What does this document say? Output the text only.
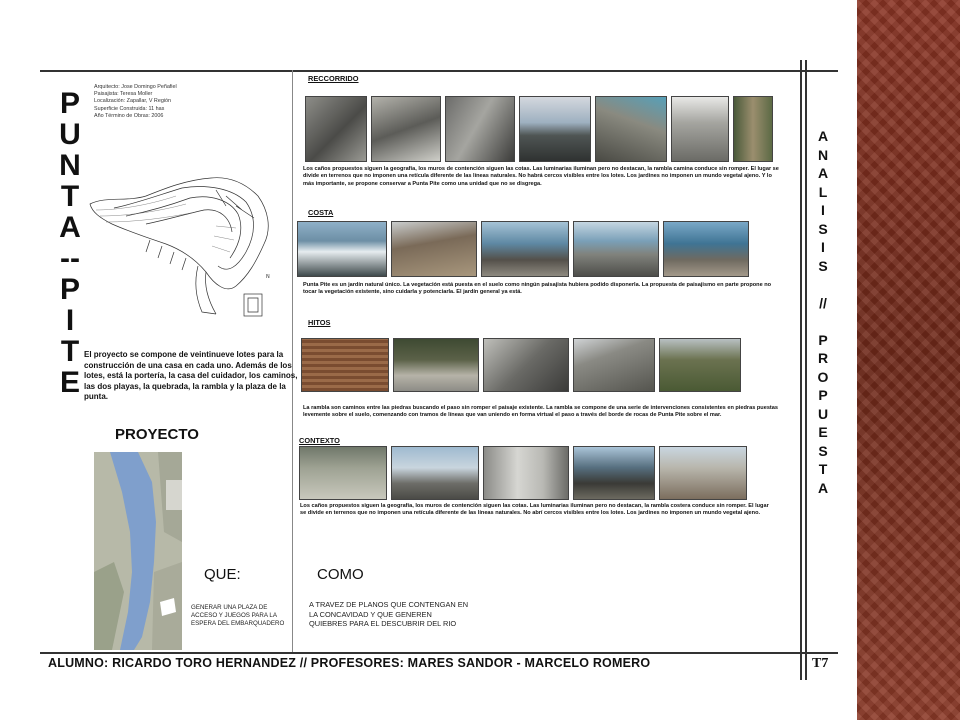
P
U
N
T
A
--
P
I
T
E
Arquitecto: Jose Domingo Peñafiel
Paisajista: Teresa Moller
Localización: Zapallar, V Región
Superficie Construida: 11 has
Año Término de Obras: 2006
N
El proyecto se compone de veintinueve lotes para la construcción de una casa en cada uno. Además de los lotes, está la portería, la casa del cuidador, los caminos, las dos playas, la quebrada, la rambla y la plaza de la punta.
PROYECTO
QUE:	COMO
GENERAR UNA PLAZA DE ACCESO Y JUEGOS PARA LA ESPERA DEL EMBARQUADERO
A TRAVEZ DE PLANOS QUE CONTENGAN EN LA CONCAVIDAD Y QUE GENEREN QUIEBRES PARA EL DESCUBRIR DEL RIO
RECCORRIDO
Los caños propuestos siguen la geografía, los muros de contención siguen las cotas. Las luminarias iluminan pero no destacan, la rambla camina conduce sin romper. El lugar se divide en terrenos que no imponen una retícula diferente de las líneas naturales. No habrá cercos visibles entre los lotes. Los jardines no imponen un mundo vegetal ajeno. Y lo más importante, se propone conservar a Punta Pite como una unidad que no se disgrega.
COSTA
Punta Pite es un jardín natural único. La vegetación está puesta en el suelo como ningún paisajista hubiera podido disponerla. La propuesta de paisajismo en parte propone no tocar la vegetación existente, sino cuidarla y potenciarla. El jardín general ya está.
HITOS
La rambla son caminos entre las piedras buscando el paso sin romper el paisaje existente. La rambla se compone de una serie de intervenciones consistentes en piedras puestas levemente sobre el suelo, comenzando con tramos de líneas que van uniendo en forma virtual el paso a través del borde de rocas de Punta Pite sobre el mar.
CONTEXTO
Los caños propuestos siguen la geografía, los muros de contención siguen las cotas. Las luminarias iluminan pero no destacan, la rambla costera conduce sin romper. El lugar se divide en terrenos que no imponen una retícula diferente de las líneas naturales. No abrí cercos visibles entre los lotes. Los jardines no imponen un mundo vegetal ajeno.
A
N
A
L
I
S
I
S

//

P
R
O
P
U
E
S
T
A
ALUMNO: RICARDO TORO HERNANDEZ // PROFESORES: MARES SANDOR - MARCELO ROMERO	T7
